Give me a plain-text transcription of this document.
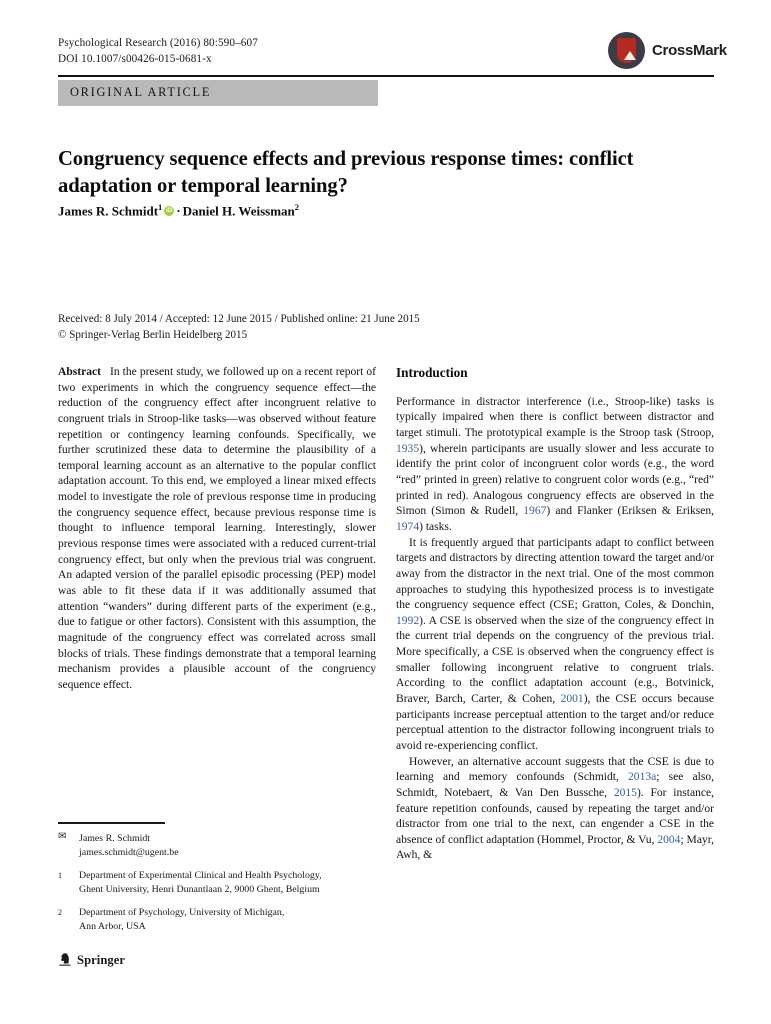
Psychological Research (2016) 80:590–607
DOI 10.1007/s00426-015-0681-x
CrossMark
ORIGINAL ARTICLE
Congruency sequence effects and previous response times: conflict adaptation or temporal learning?
James R. Schmidt$^1$ iD · Daniel H. Weissman$^2$
Received: 8 July 2014 / Accepted: 12 June 2015 / Published online: 21 June 2015
© Springer-Verlag Berlin Heidelberg 2015

Abstract In the present study, we followed up on a recent report of two experiments in which the congruency sequence effect—the reduction of the congruency effect after incongruent relative to congruent trials in Stroop-like tasks—was observed without feature repetition or contingency learning confounds. Specifically, we further scrutinized these data to determine the plausibility of a temporal learning account as an alternative to the popular conflict adaptation account. To this end, we employed a linear mixed effects model to investigate the role of previous response time in producing the congruency sequence effect, because previous response time is thought to influence temporal learning. Interestingly, slower previous response times were associated with a reduced current-trial congruency effect, but only when the previous trial was congruent. An adapted version of the parallel episodic processing (PEP) model was able to fit these data if it was additionally assumed that attention “wanders” during different parts of the experiment (e.g., due to fatigue or other factors). Consistent with this assumption, the magnitude of the congruency effect was correlated across small blocks of trials. These findings demonstrate that a temporal learning mechanism provides a plausible account of the congruency sequence effect.

Introduction

Performance in distractor interference (i.e., Stroop-like) tasks is typically impaired when there is conflict between distractor and target stimuli. The prototypical example is the Stroop task (Stroop, 1935), wherein participants are usually slower and less accurate to identify the print color of incongruent color words (e.g., the word “red” printed in green) relative to congruent color words (e.g., “red” printed in red). Analogous congruency effects are observed in the Simon (Simon & Rudell, 1967) and Flanker (Eriksen & Eriksen, 1974) tasks.

It is frequently argued that participants adapt to conflict between targets and distractors by directing attention toward the target and/or away from the distractor in the next trial. One of the most common approaches to studying this hypothesized process is to investigate the congruency sequence effect (CSE; Gratton, Coles, & Donchin, 1992). A CSE is observed when the size of the congruency effect in the current trial depends on the congruency of the previous trial. More specifically, a CSE is observed when the congruency effect is smaller following incongruent relative to congruent trials. According to the conflict adaptation account (e.g., Botvinick, Braver, Barch, Carter, & Cohen, 2001), the CSE occurs because participants increase perceptual attention to the target and/or reduce perceptual attention to the distractor following incongruent trials to avoid re-experiencing conflict.

However, an alternative account suggests that the CSE is due to learning and memory confounds (Schmidt, 2013a; see also, Schmidt, Notebaert, & Van Den Bussche, 2015). For instance, feature repetition confounds, caused by repeating the target and/or distractor from one trial to the next, can engender a CSE in the absence of conflict adaptation (Hommel, Proctor, & Vu, 2004; Mayr, Awh, &

✉	James R. Schmidt
james.schmidt@ugent.be
1	Department of Experimental Clinical and Health Psychology,
Ghent University, Henri Dunantlaan 2, 9000 Ghent, Belgium
2	Department of Psychology, University of Michigan,
Ann Arbor, USA
Springer
